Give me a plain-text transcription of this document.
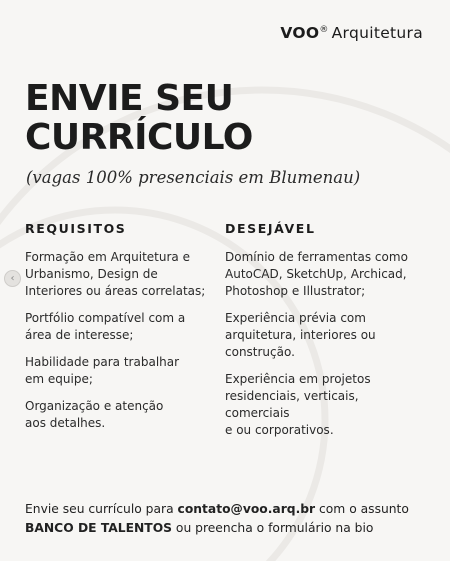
VOO® Arquitetura
ENVIE SEU
CURRÍCULO
(vagas 100% presenciais em Blumenau)
‹
REQUISITOS
Formação em Arquitetura e
Urbanismo, Design de
Interiores ou áreas correlatas;
Portfólio compatível com a
área de interesse;
Habilidade para trabalhar
em equipe;
Organização e atenção
aos detalhes.
DESEJÁVEL
Domínio de ferramentas como
AutoCAD, SketchUp, Archicad,
Photoshop e Illustrator;
Experiência prévia com
arquitetura, interiores ou
construção.
Experiência em projetos
residenciais, verticais, comerciais
e ou corporativos.
Envie seu currículo para contato@voo.arq.br com o assunto
BANCO DE TALENTOS ou preencha o formulário na bio
